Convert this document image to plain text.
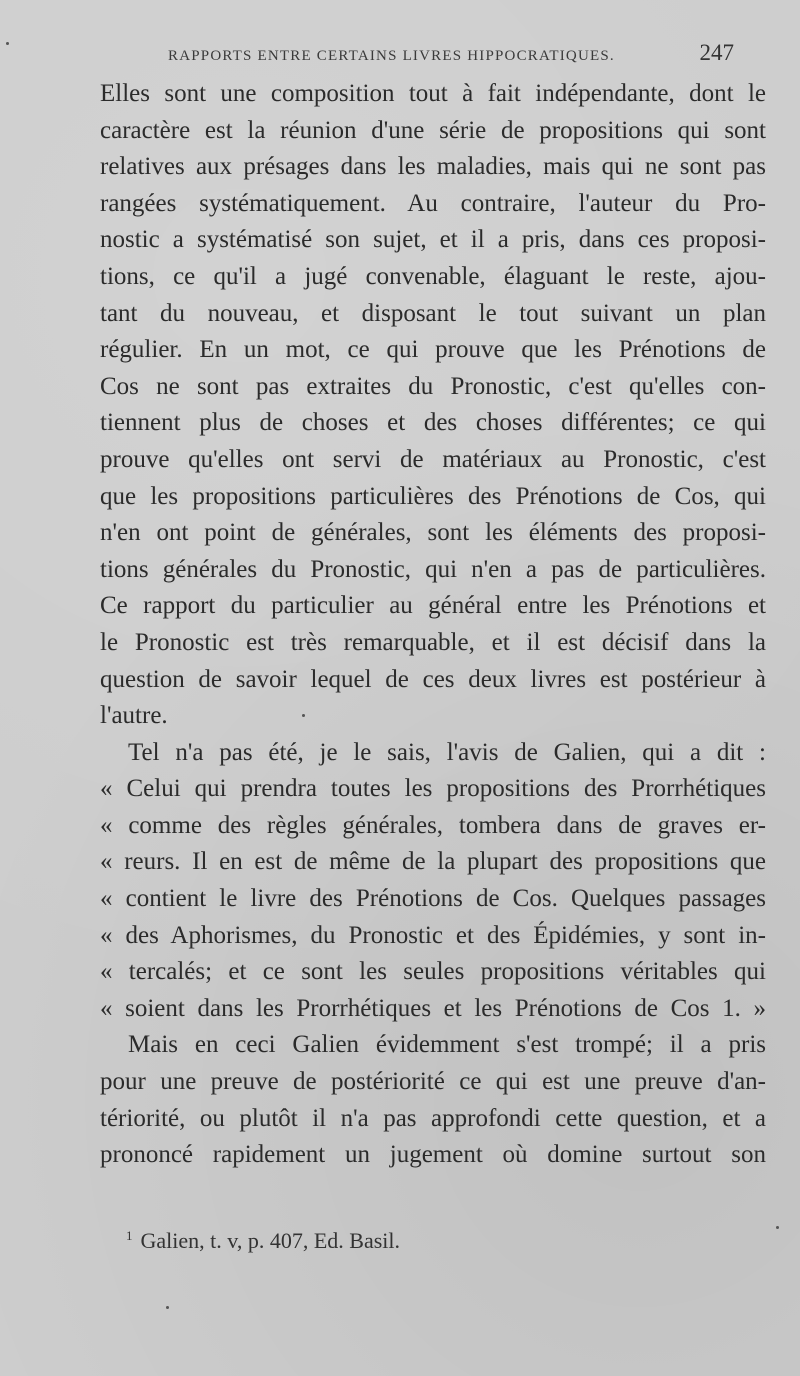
RAPPORTS ENTRE CERTAINS LIVRES HIPPOCRATIQUES.	247
Elles sont une composition tout à fait indépendante, dont le
caractère est la réunion d'une série de propositions qui sont
relatives aux présages dans les maladies, mais qui ne sont pas
rangées systématiquement. Au contraire, l'auteur du Pro-
nostic a systématisé son sujet, et il a pris, dans ces proposi-
tions, ce qu'il a jugé convenable, élaguant le reste, ajou-
tant du nouveau, et disposant le tout suivant un plan
régulier. En un mot, ce qui prouve que les Prénotions de
Cos ne sont pas extraites du Pronostic, c'est qu'elles con-
tiennent plus de choses et des choses différentes; ce qui
prouve qu'elles ont servi de matériaux au Pronostic, c'est
que les propositions particulières des Prénotions de Cos, qui
n'en ont point de générales, sont les éléments des proposi-
tions générales du Pronostic, qui n'en a pas de particulières.
Ce rapport du particulier au général entre les Prénotions et
le Pronostic est très remarquable, et il est décisif dans la
question de savoir lequel de ces deux livres est postérieur à
l'autre.
Tel n'a pas été, je le sais, l'avis de Galien, qui a dit :
« Celui qui prendra toutes les propositions des Prorrhétiques
« comme des règles générales, tombera dans de graves er-
« reurs. Il en est de même de la plupart des propositions que
« contient le livre des Prénotions de Cos. Quelques passages
« des Aphorismes, du Pronostic et des Épidémies, y sont in-
« tercalés; et ce sont les seules propositions véritables qui
« soient dans les Prorrhétiques et les Prénotions de Cos 1. »
Mais en ceci Galien évidemment s'est trompé; il a pris
pour une preuve de postériorité ce qui est une preuve d'an-
tériorité, ou plutôt il n'a pas approfondi cette question, et a
prononcé rapidement un jugement où domine surtout son
$^1$ Galien, t. v, p. 407, Ed. Basil.
